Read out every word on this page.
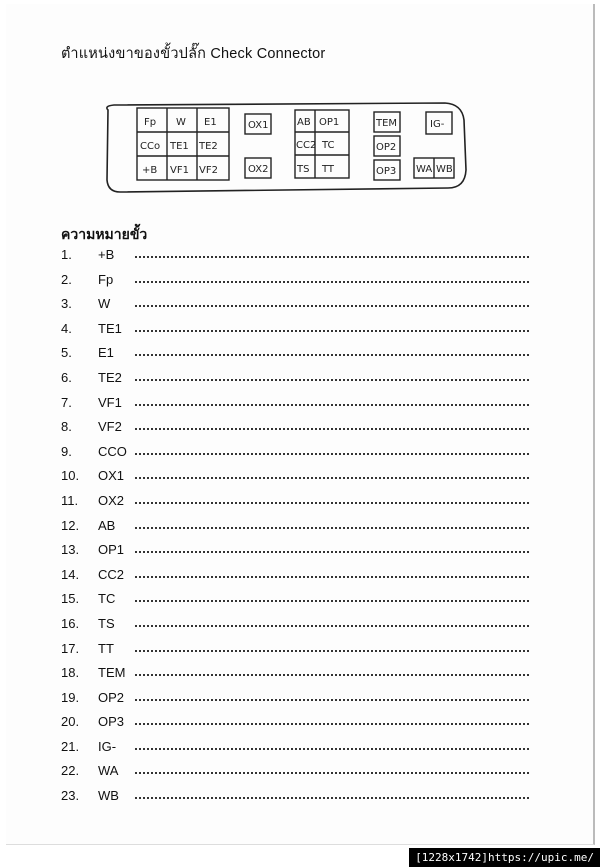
ตำแหน่งขาของขั้วปลั๊ก Check Connector
Fp W E1
CCo TE1 TE2
+B VF1 VF2
OX1
OX2
AB OP1
CC2 TC
TS TT
TEM
OP2
OP3
IG-
WA WB
ความหมายขั้ว
1.	+B
2.	Fp
3.	W
4.	TE1
5.	E1
6.	TE2
7.	VF1
8.	VF2
9.	CCO
10.	OX1
11.	OX2
12.	AB
13.	OP1
14.	CC2
15.	TC
16.	TS
17.	TT
18.	TEM
19.	OP2
20.	OP3
21.	IG-
22.	WA
23.	WB
[1228x1742]https://upic.me/
